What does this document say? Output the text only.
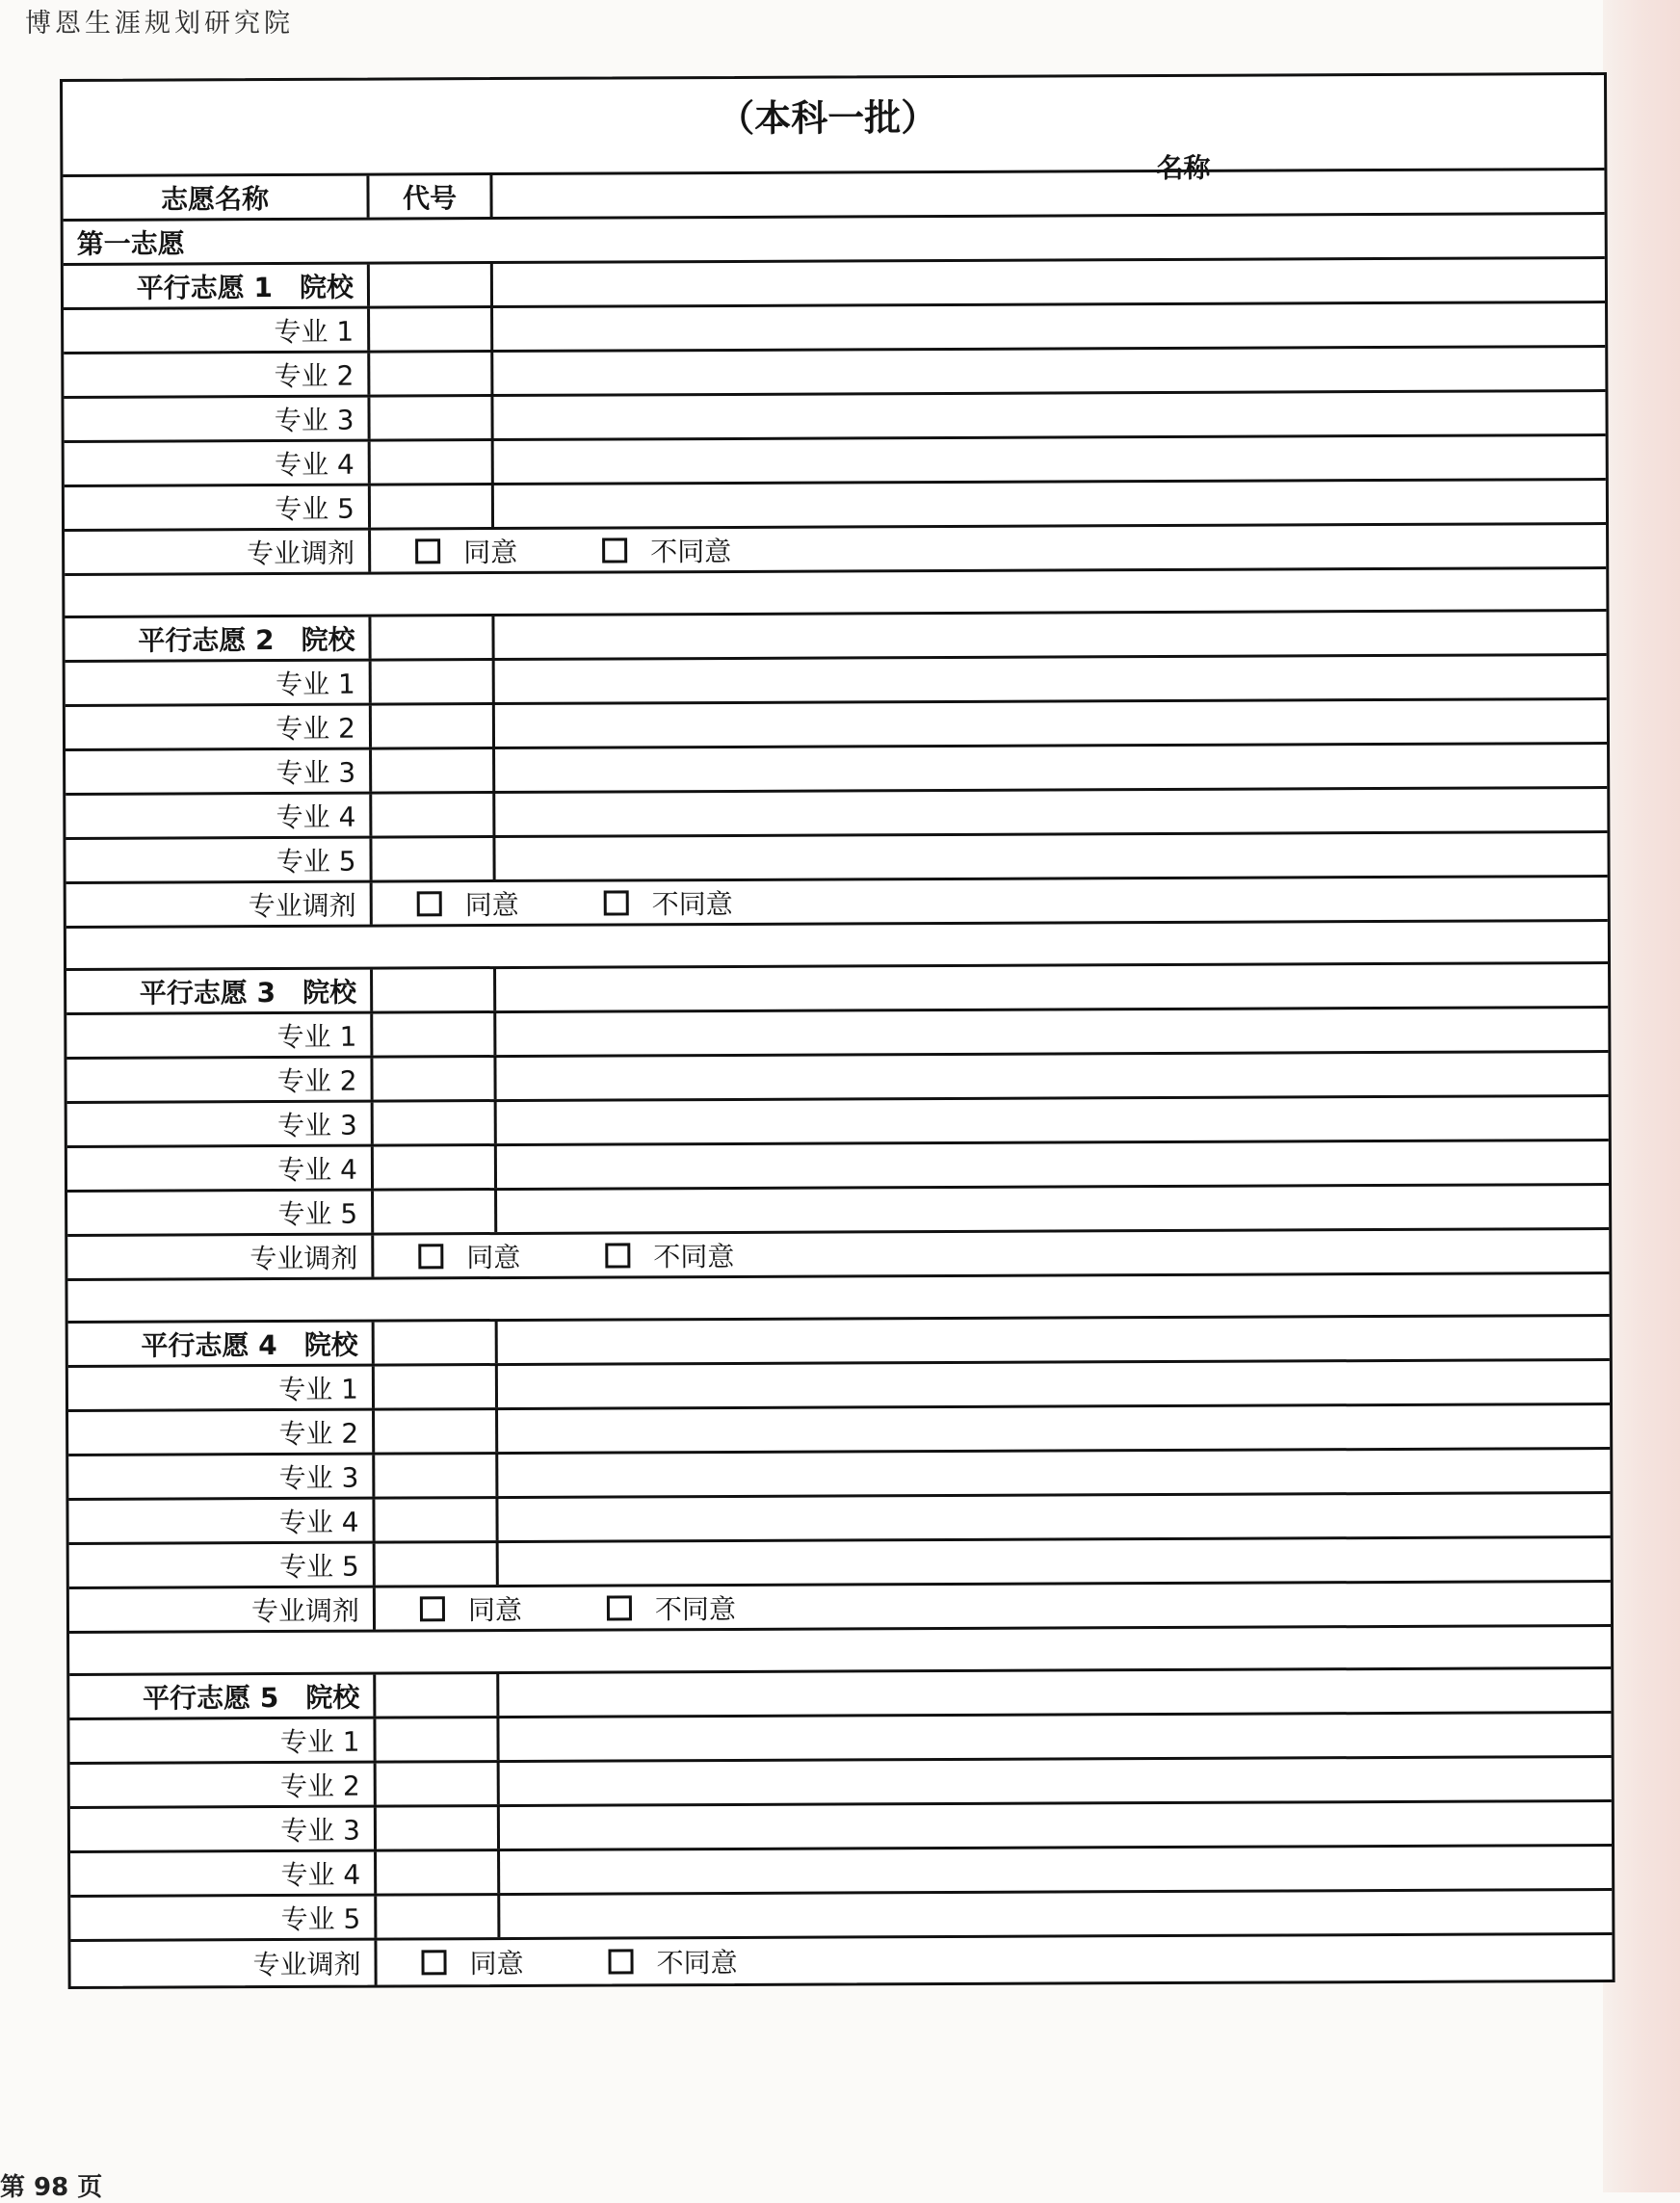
博恩生涯规划研究院
（本科一批）
志愿名称	代号
名称
第一志愿
平行志愿 1 院校
专业 1
专业 2
专业 3
专业 4
专业 5
专业调剂	同意	不同意
平行志愿 2 院校
专业 1
专业 2
专业 3
专业 4
专业 5
专业调剂	同意	不同意
平行志愿 3 院校
专业 1
专业 2
专业 3
专业 4
专业 5
专业调剂	同意	不同意
平行志愿 4 院校
专业 1
专业 2
专业 3
专业 4
专业 5
专业调剂	同意	不同意
平行志愿 5 院校
专业 1
专业 2
专业 3
专业 4
专业 5
专业调剂	同意	不同意
第 98 页
